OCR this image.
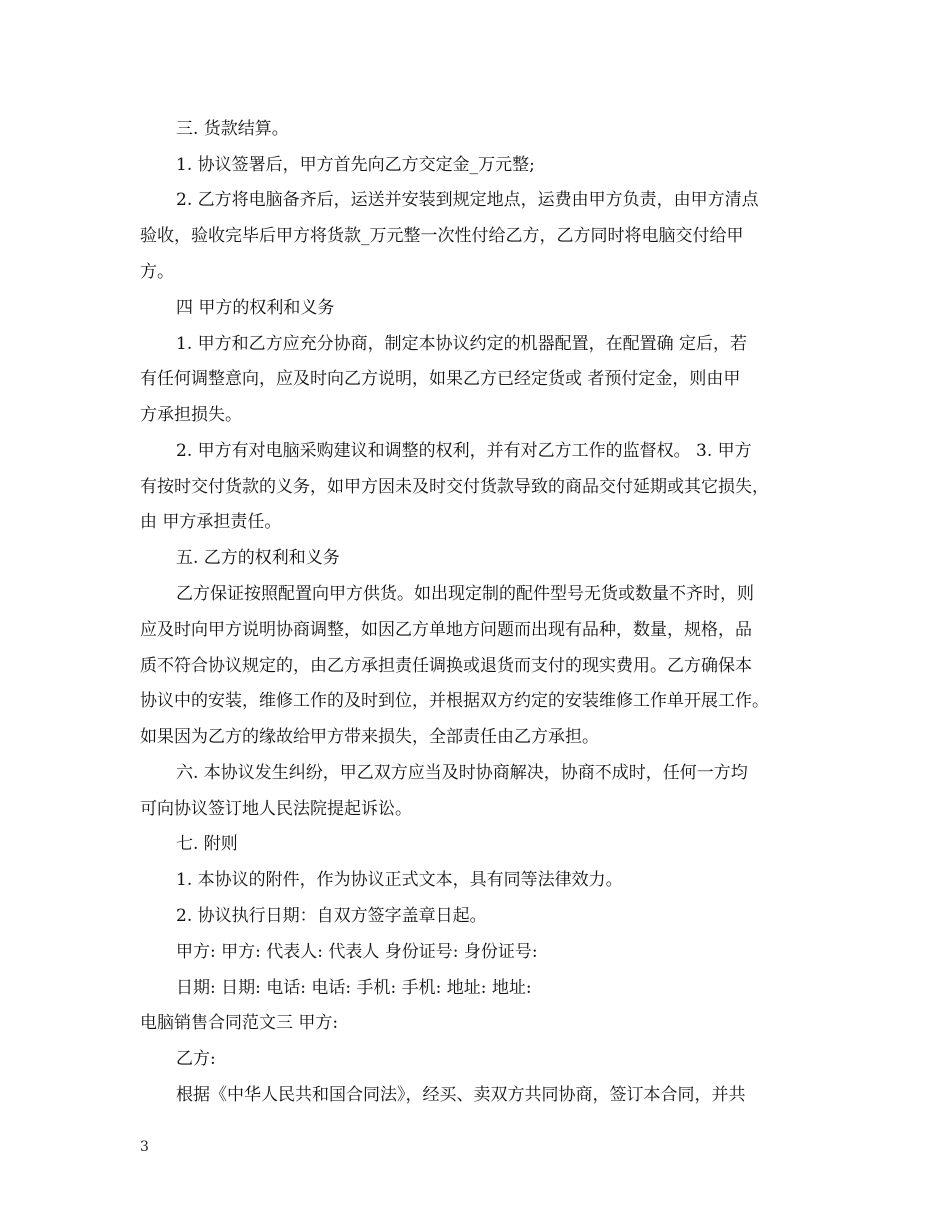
三. 货款结算。
1. 协议签署后，甲方首先向乙方交定金_万元整;
2. 乙方将电脑备齐后，运送并安装到规定地点，运费由甲方负责，由甲方清点
验收，验收完毕后甲方将货款_万元整一次性付给乙方，乙方同时将电脑交付给甲
方。
四 甲方的权利和义务
1. 甲方和乙方应充分协商，制定本协议约定的机器配置，在配置确 定后，若
有任何调整意向，应及时向乙方说明，如果乙方已经定货或 者预付定金，则由甲
方承担损失。
2. 甲方有对电脑采购建议和调整的权利，并有对乙方工作的监督权。 3. 甲方
有按时交付货款的义务，如甲方因未及时交付货款导致的商品交付延期或其它损失，
由 甲方承担责任。
五. 乙方的权利和义务
乙方保证按照配置向甲方供货。如出现定制的配件型号无货或数量不齐时，则
应及时向甲方说明协商调整，如因乙方单地方问题而出现有品种，数量，规格，品
质不符合协议规定的，由乙方承担责任调换或退货而支付的现实费用。乙方确保本
协议中的安装，维修工作的及时到位，并根据双方约定的安装维修工作单开展工作。
如果因为乙方的缘故给甲方带来损失，全部责任由乙方承担。
六. 本协议发生纠纷，甲乙双方应当及时协商解决，协商不成时，任何一方均
可向协议签订地人民法院提起诉讼。
七. 附则
1. 本协议的附件，作为协议正式文本，具有同等法律效力。
2. 协议执行日期：自双方签字盖章日起。
甲方: 甲方: 代表人: 代表人 身份证号: 身份证号:
日期: 日期: 电话: 电话: 手机: 手机: 地址: 地址:
电脑销售合同范文三 甲方:
乙方:
根据《中华人民共和国合同法》，经买、卖双方共同协商，签订本合同，并共
3
